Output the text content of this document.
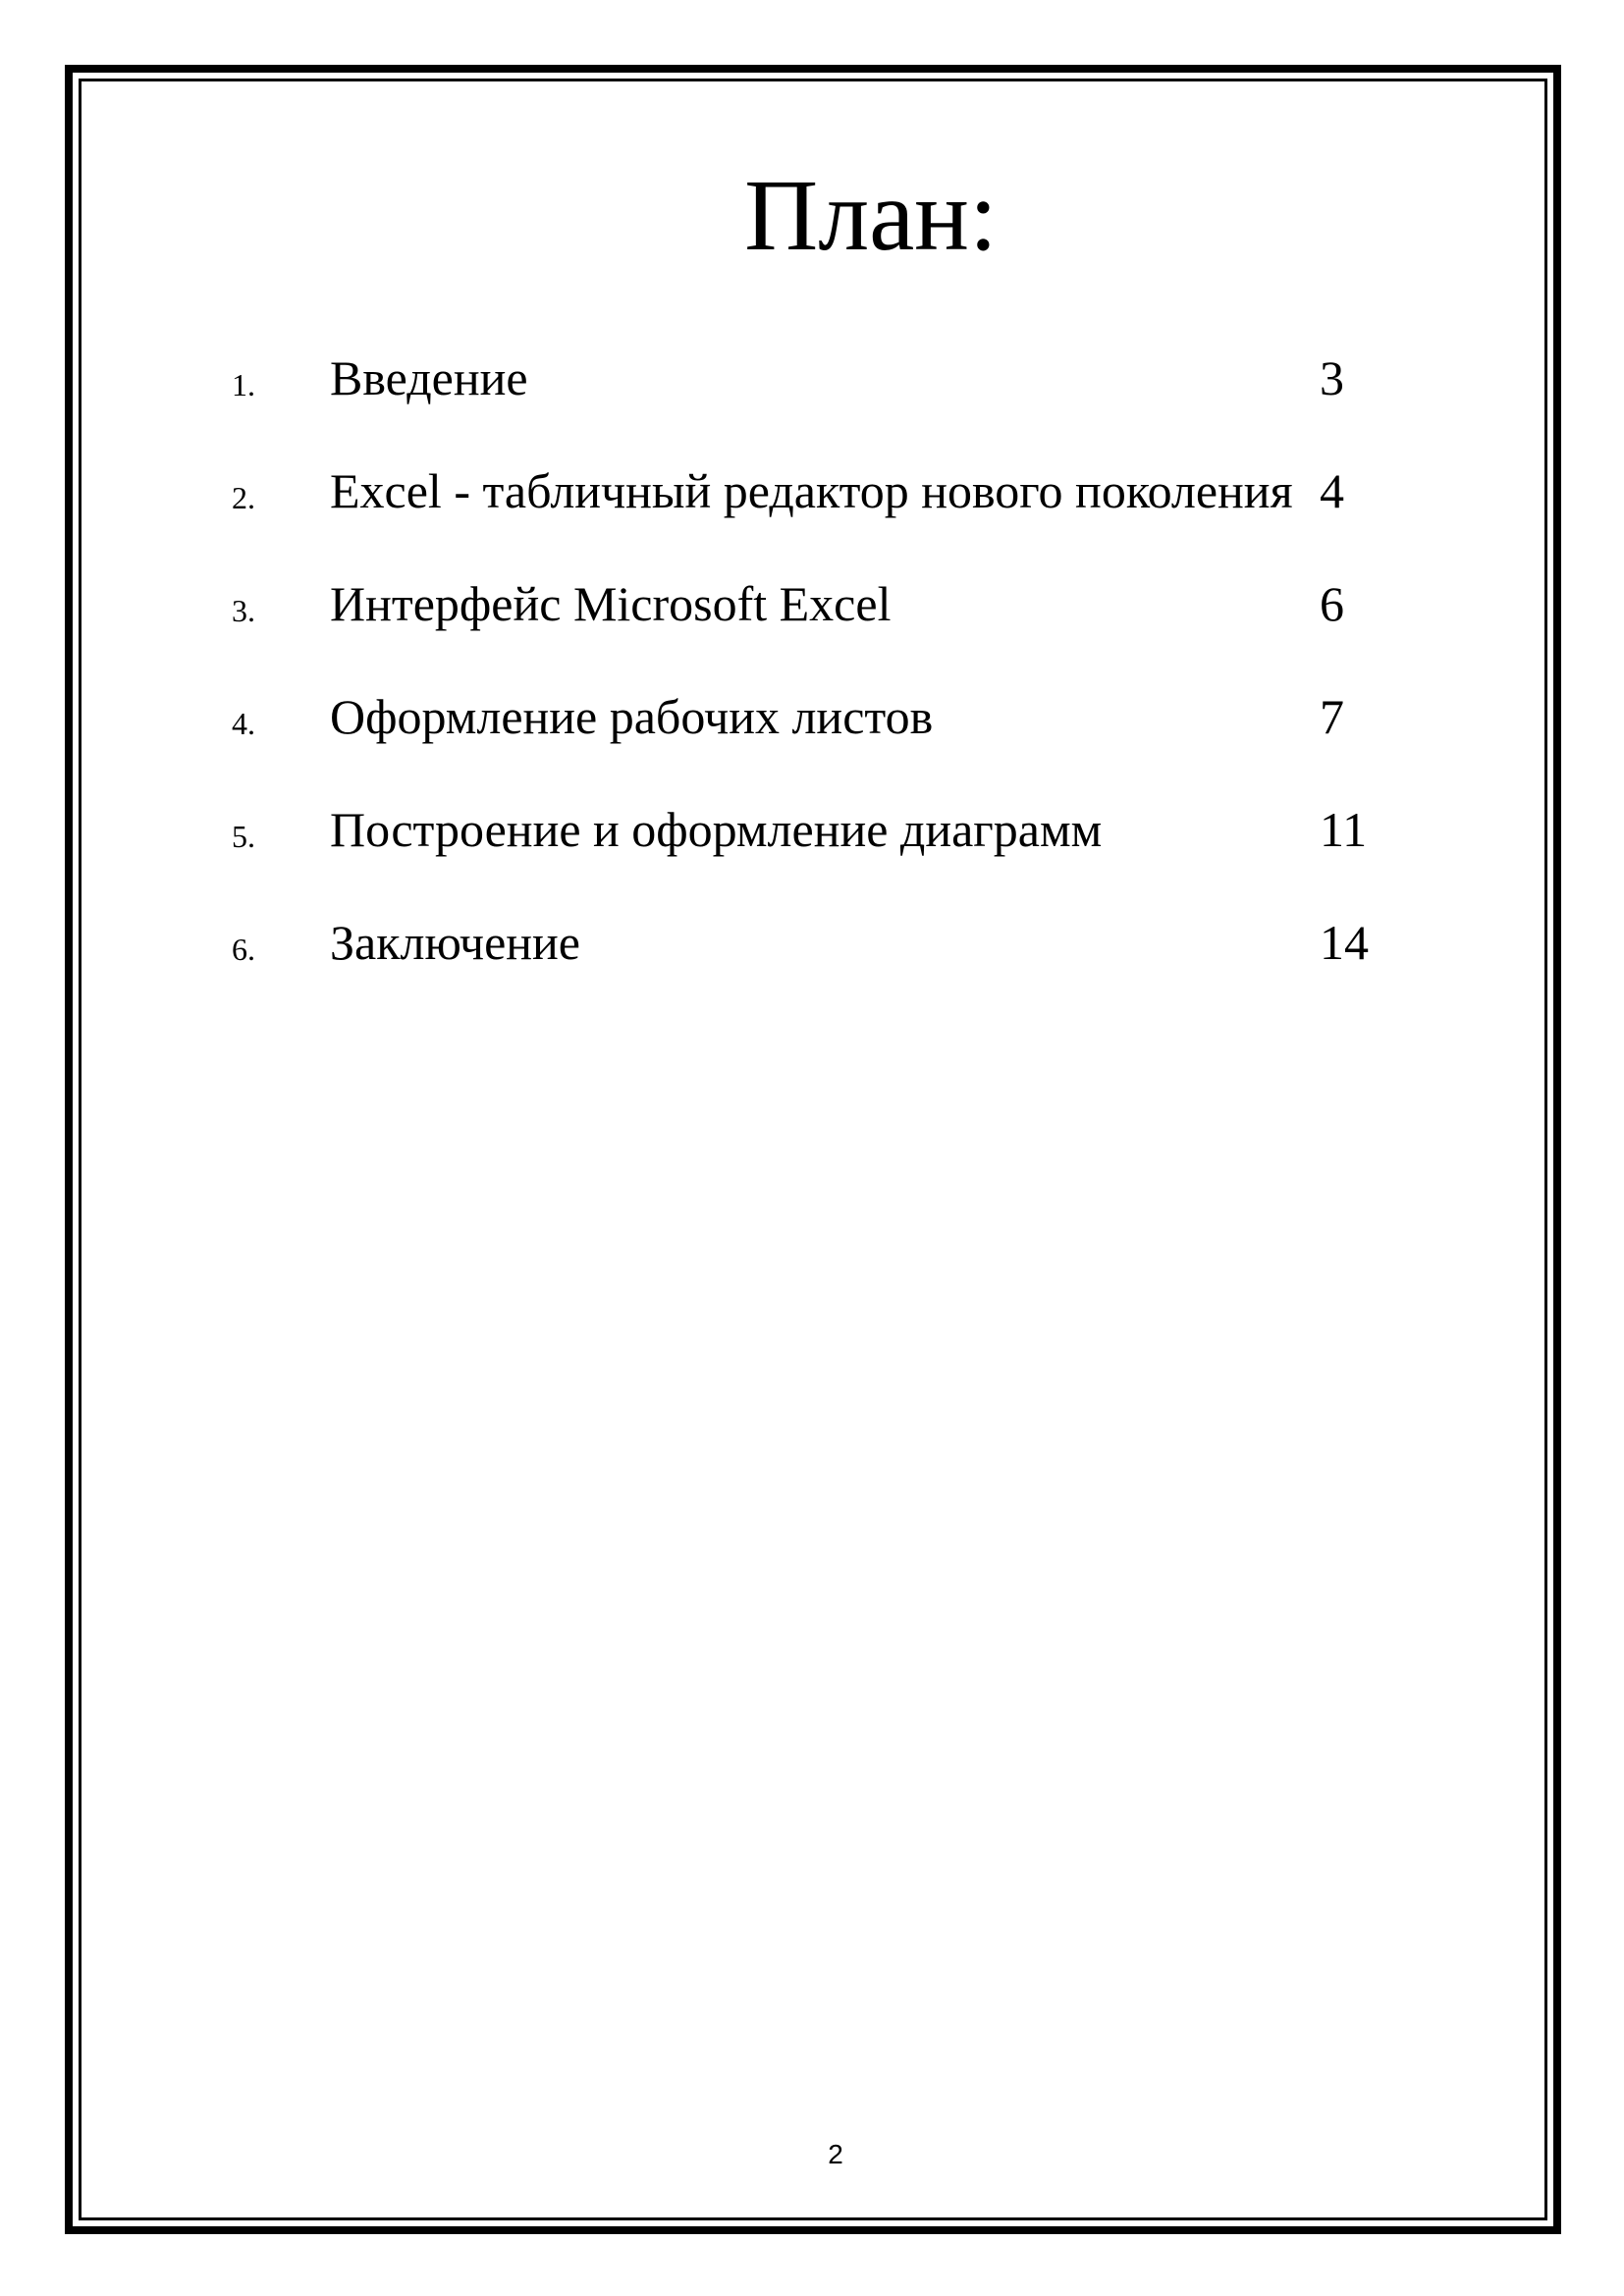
План:
1. Введение	3
2. Excel - табличный редактор нового поколения 4
3. Интерфейс Microsoft Excel	6
4. Оформление рабочих листов	7
5. Построение и оформление диаграмм	11
6. Заключение	14
2
